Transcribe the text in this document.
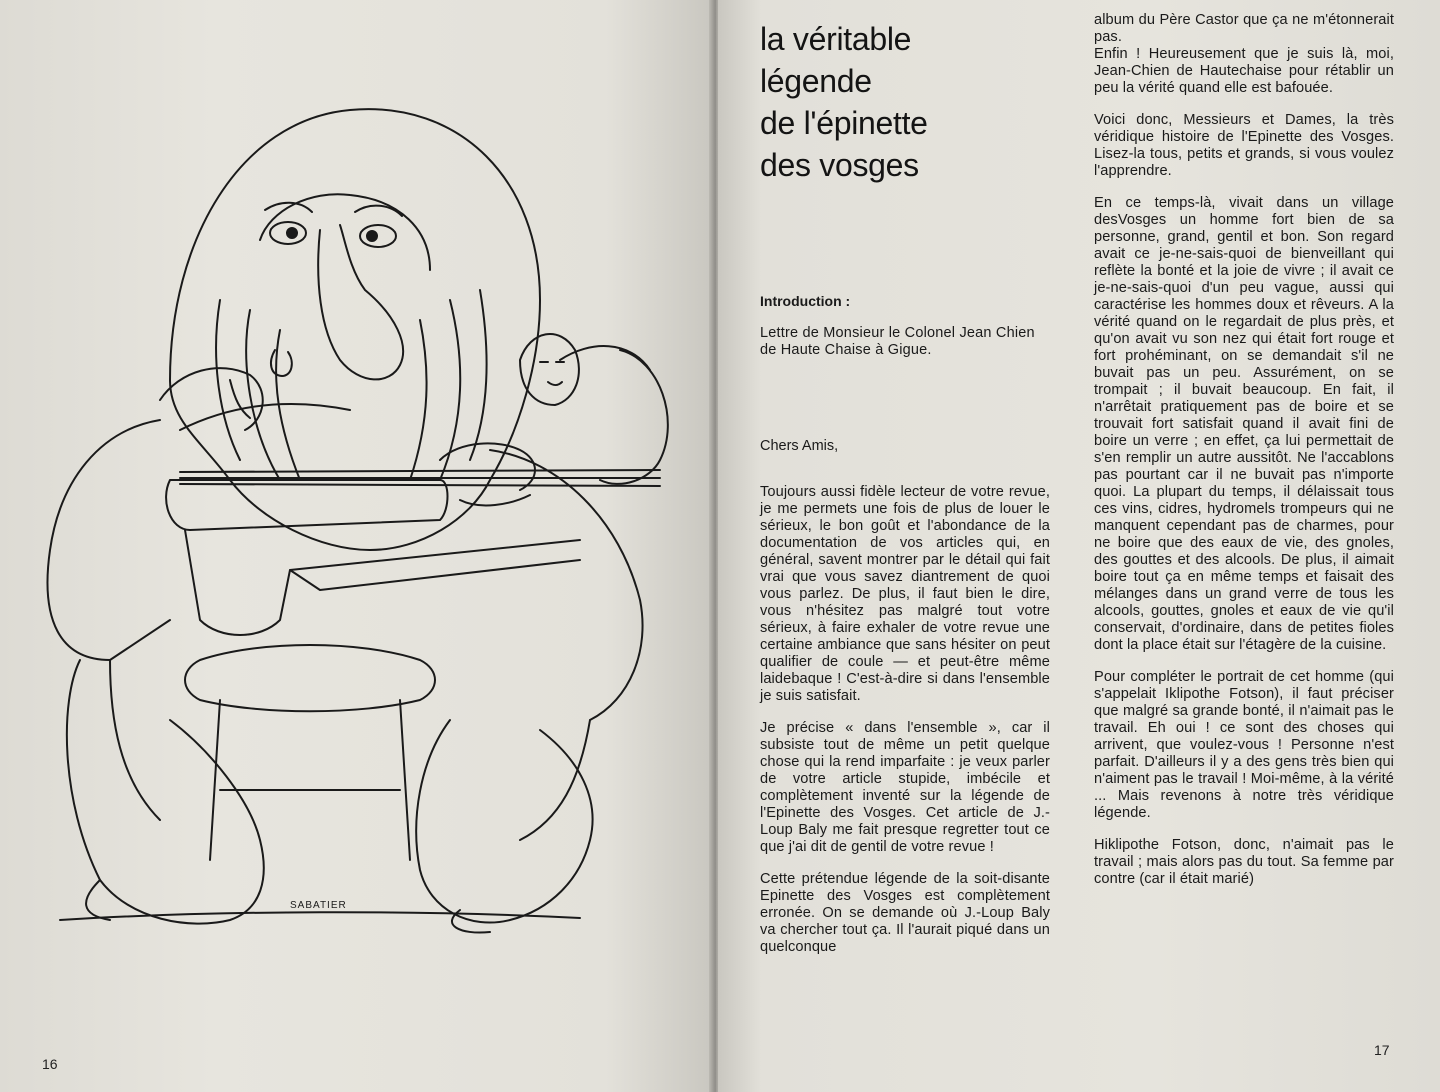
SABATIER
16
la véritable
légende
de l'épinette
des vosges

Introduction :

Lettre de Monsieur le Colonel Jean Chien de Haute Chaise à Gigue.

Chers Amis,

Toujours aussi fidèle lecteur de votre revue, je me permets une fois de plus de louer le sérieux, le bon goût et l'abondance de la documentation de vos articles qui, en général, savent montrer par le détail qui fait vrai que vous savez diantrement de quoi vous parlez. De plus, il faut bien le dire, vous n'hésitez pas malgré tout votre sérieux, à faire exhaler de votre revue une certaine ambiance que sans hésiter on peut qualifier de coule — et peut-être même laidebaque ! C'est-à-dire si dans l'ensemble je suis satisfait.

Je précise « dans l'ensemble », car il subsiste tout de même un petit quelque chose qui la rend imparfaite : je veux parler de votre article stupide, imbécile et complètement inventé sur la légende de l'Epinette des Vosges. Cet article de J.-Loup Baly me fait presque regretter tout ce que j'ai dit de gentil de votre revue !

Cette prétendue légende de la soit-disante Epinette des Vosges est complètement erronée. On se demande où J.-Loup Baly va chercher tout ça. Il l'aurait piqué dans un quelconque

album du Père Castor que ça ne m'étonnerait pas.
Enfin ! Heureusement que je suis là, moi, Jean-Chien de Hautechaise pour rétablir un peu la vérité quand elle est bafouée.

Voici donc, Messieurs et Dames, la très véridique histoire de l'Epinette des Vosges. Lisez-la tous, petits et grands, si vous voulez l'apprendre.

En ce temps-là, vivait dans un village desVosges un homme fort bien de sa personne, grand, gentil et bon. Son regard avait ce je-ne-sais-quoi de bienveillant qui reflète la bonté et la joie de vivre ; il avait ce je-ne-sais-quoi d'un peu vague, aussi qui caractérise les hommes doux et rêveurs. A la vérité quand on le regardait de plus près, et qu'on avait vu son nez qui était fort rouge et fort prohéminant, on se demandait s'il ne buvait pas un peu. Assurément, on se trompait ; il buvait beaucoup. En fait, il n'arrêtait pratiquement pas de boire et se trouvait fort satisfait quand il avait fini de boire un verre ; en effet, ça lui permettait de s'en remplir un autre aussitôt. Ne l'accablons pas pourtant car il ne buvait pas n'importe quoi. La plupart du temps, il délaissait tous ces vins, cidres, hydromels trompeurs qui ne manquent cependant pas de charmes, pour ne boire que des eaux de vie, des gnoles, des gouttes et des alcools. De plus, il aimait boire tout ça en même temps et faisait des mélanges dans un grand verre de tous les alcools, gouttes, gnoles et eaux de vie qu'il conservait, d'ordinaire, dans de petites fioles dont la place était sur l'étagère de la cuisine.

Pour compléter le portrait de cet homme (qui s'appelait Iklipothe Fotson), il faut préciser que malgré sa grande bonté, il n'aimait pas le travail. Eh oui ! ce sont des choses qui arrivent, que voulez-vous ! Personne n'est parfait. D'ailleurs il y a des gens très bien qui n'aiment pas le travail ! Moi-même, à la vérité ... Mais revenons à notre très véridique légende.

Hiklipothe Fotson, donc, n'aimait pas le travail ; mais alors pas du tout. Sa femme par contre (car il était marié)

17
